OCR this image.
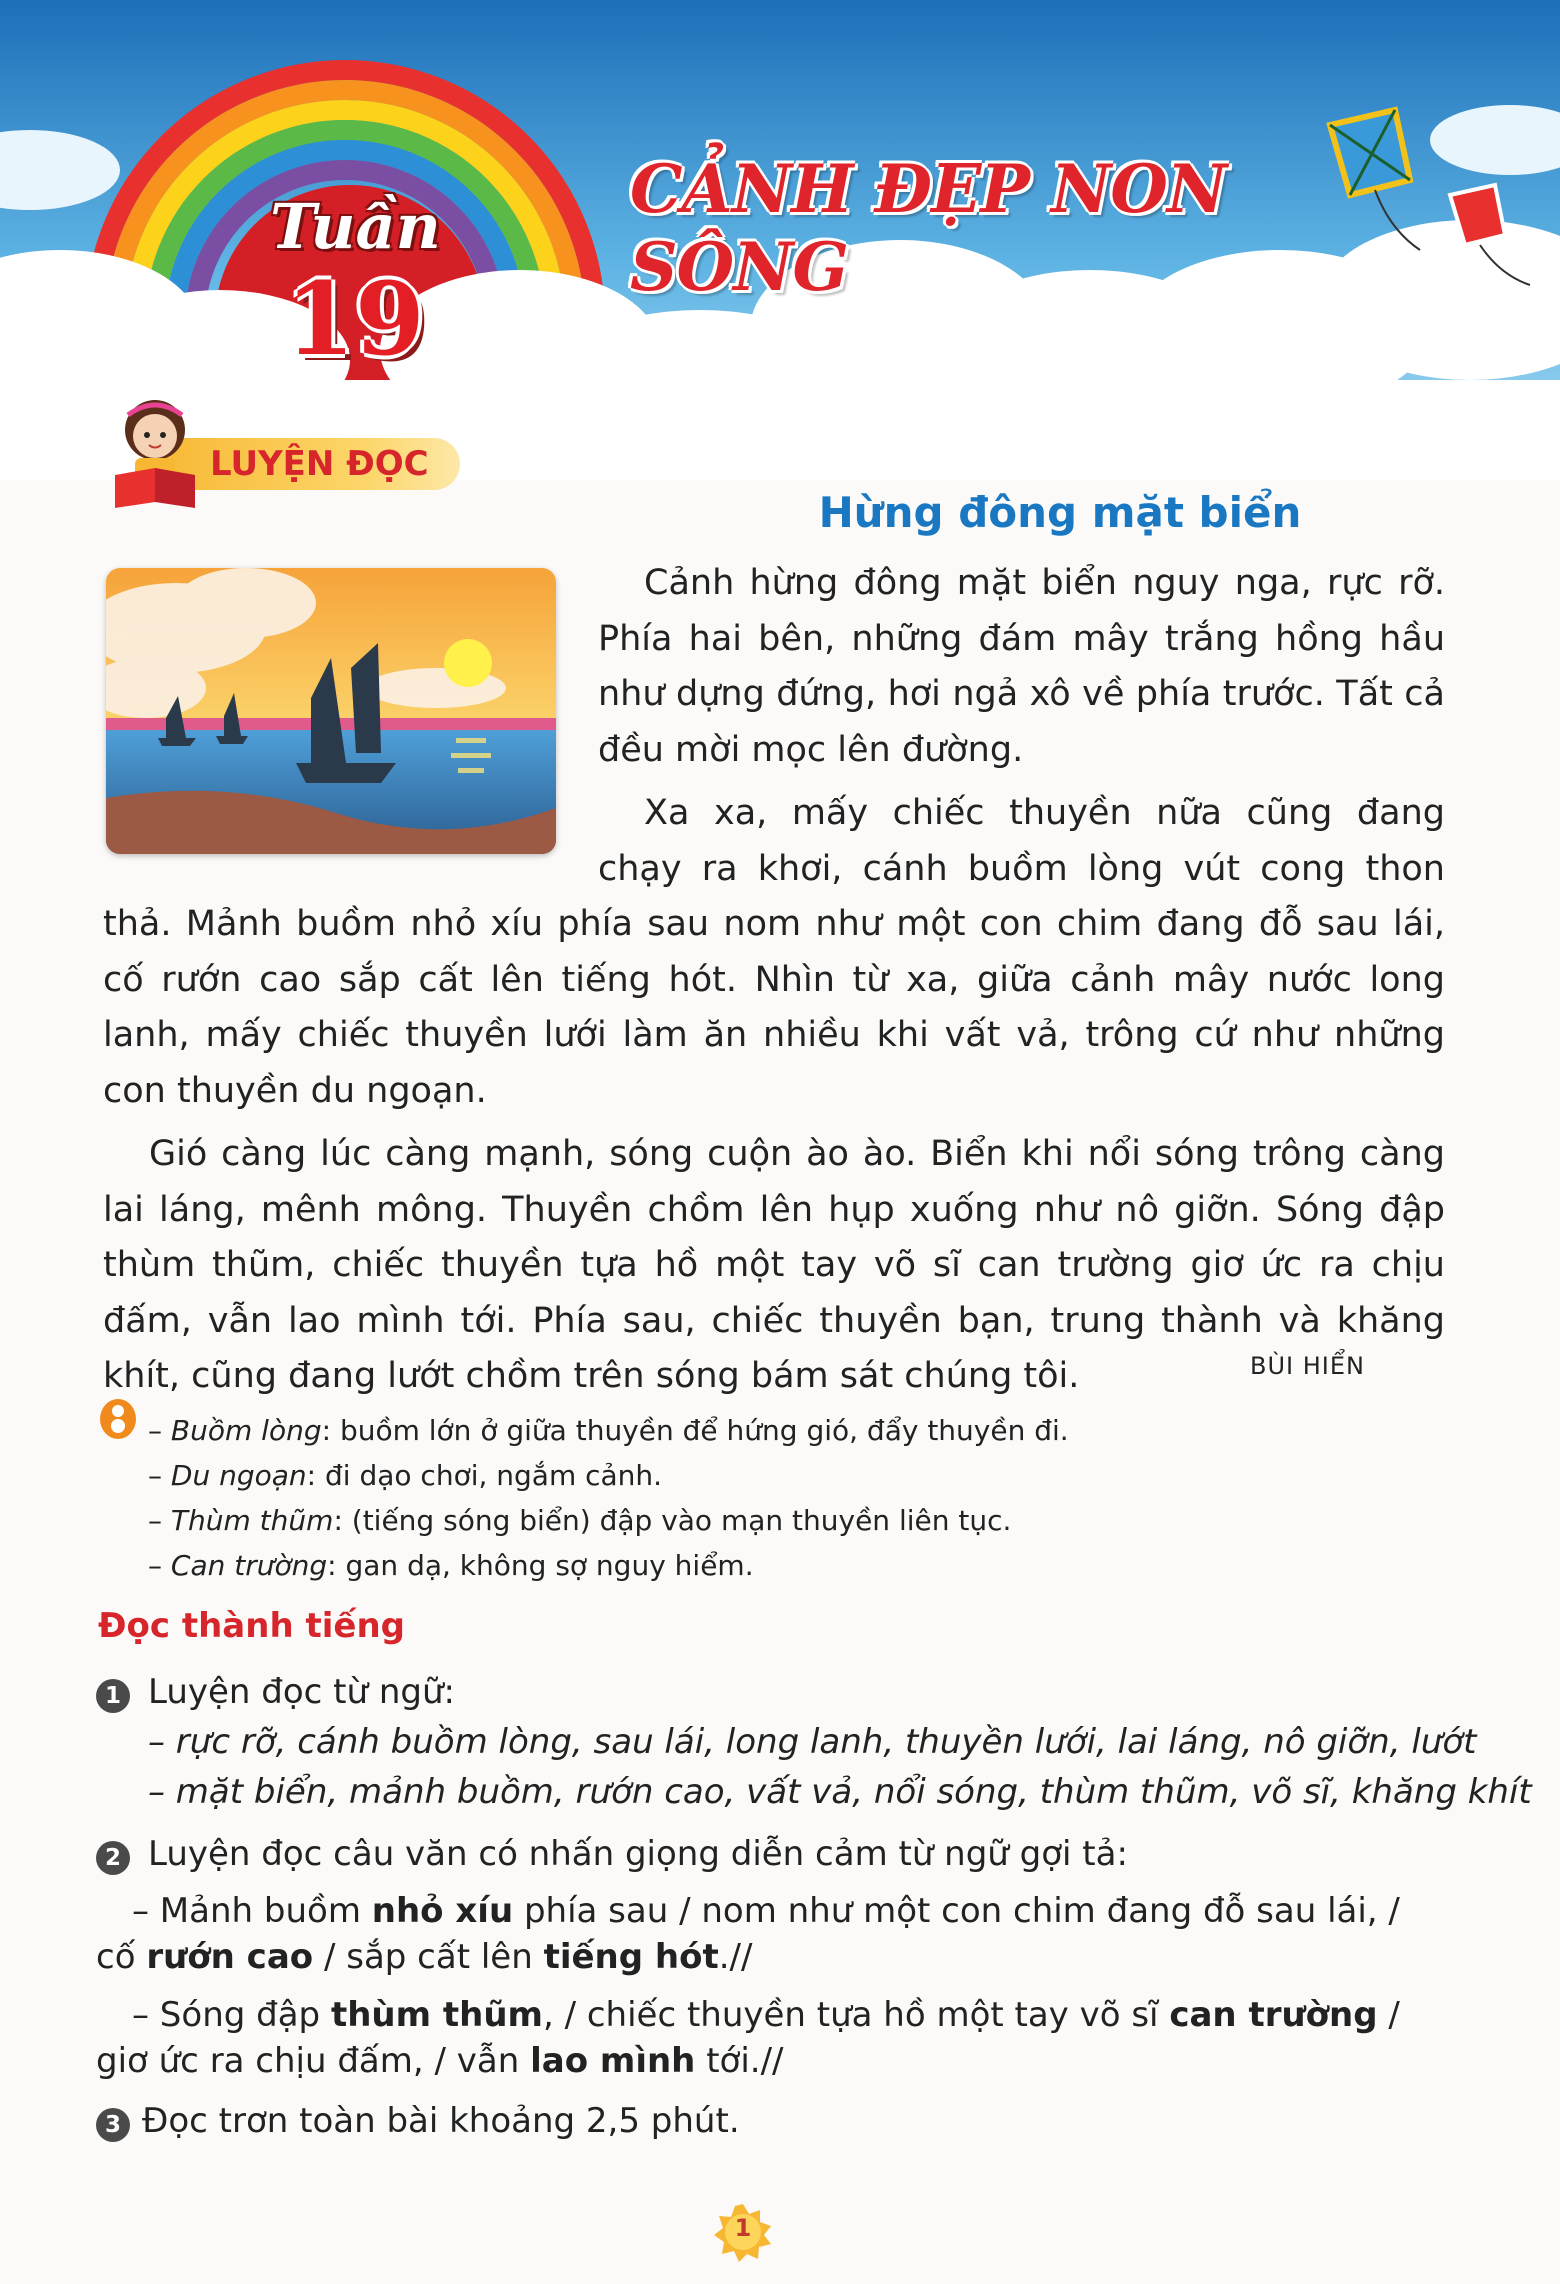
Tuần
19
CẢNH ĐẸP NON SÔNG
LUYỆN ĐỌC
Hừng đông mặt biển

Cảnh hừng đông mặt biển nguy nga, rực rỡ. Phía hai bên, những đám mây trắng hồng hầu như dựng đứng, hơi ngả xô về phía trước. Tất cả đều mời mọc lên đường.

Xa xa, mấy chiếc thuyền nữa cũng đang chạy ra khơi, cánh buồm lòng vút cong thon thả. Mảnh buồm nhỏ xíu phía sau nom như một con chim đang đỗ sau lái, cố rướn cao sắp cất lên tiếng hót. Nhìn từ xa, giữa cảnh mây nước long lanh, mấy chiếc thuyền lưới làm ăn nhiều khi vất vả, trông cứ như những con thuyền du ngoạn.

Gió càng lúc càng mạnh, sóng cuộn ào ào. Biển khi nổi sóng trông càng lai láng, mênh mông. Thuyền chồm lên hụp xuống như nô giỡn. Sóng đập thùm thũm, chiếc thuyền tựa hồ một tay võ sĩ can trường giơ ức ra chịu đấm, vẫn lao mình tới. Phía sau, chiếc thuyền bạn, trung thành và khăng khít, cũng đang lướt chồm trên sóng bám sát chúng tôi.	BÙI HIỂN
– Buồm lòng: buồm lớn ở giữa thuyền để hứng gió, đẩy thuyền đi.
– Du ngoạn: đi dạo chơi, ngắm cảnh.
– Thùm thũm: (tiếng sóng biển) đập vào mạn thuyền liên tục.
– Can trường: gan dạ, không sợ nguy hiểm.
Đọc thành tiếng
1 Luyện đọc từ ngữ:
– rực rỡ, cánh buồm lòng, sau lái, long lanh, thuyền lưới, lai láng, nô giỡn, lướt
– mặt biển, mảnh buồm, rướn cao, vất vả, nổi sóng, thùm thũm, võ sĩ, khăng khít
2 Luyện đọc câu văn có nhấn giọng diễn cảm từ ngữ gợi tả:
– Mảnh buồm nhỏ xíu phía sau / nom như một con chim đang đỗ sau lái, / cố rướn cao / sắp cất lên tiếng hót.//
– Sóng đập thùm thũm, / chiếc thuyền tựa hồ một tay võ sĩ can trường / giơ ức ra chịu đấm, / vẫn lao mình tới.//
3 Đọc trơn toàn bài khoảng 2,5 phút.
1
